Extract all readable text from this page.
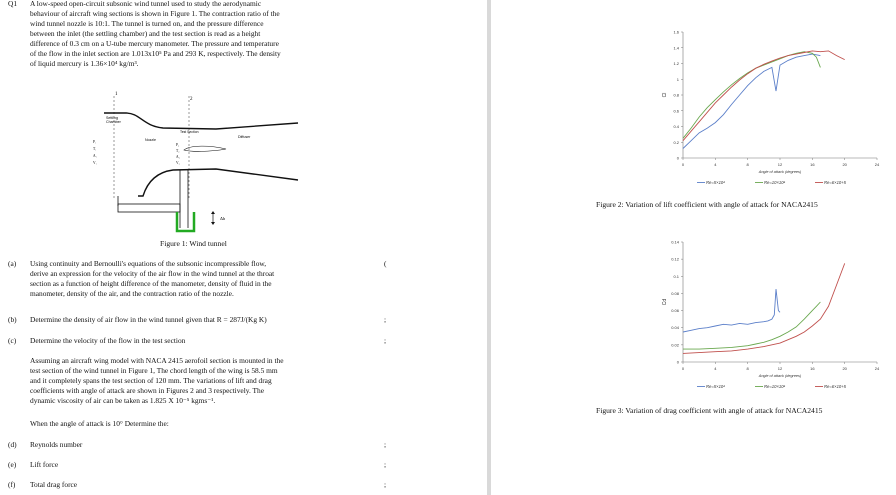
Q1 A low-speed open-circuit subsonic wind tunnel used to study the aerodynamic

behaviour of aircraft wing sections is shown in Figure 1. The contraction ratio of the

wind tunnel nozzle is 10:1. The tunnel is turned on, and the pressure difference

between the inlet (the settling chamber) and the test section is read as a height

difference of 0.3 cm on a U-tube mercury manometer. The pressure and temperature

of the flow in the inlet section are 1.013x10⁵ Pa and 293 K, respectively. The density

of liquid mercury is 1.36×10⁴ kg/m³.

1
2
Δh
Settling
Chamber
Nozzle
Test Section
Diffuser
P₁
T₁
A₁
V₁
P₂
T₂
A₂
V₂
Figure 1: Wind tunnel
(a) Using continuity and Bernoulli's equations of the subsonic incompressible flow,

derive an expression for the velocity of the air flow in the wind tunnel at the throat

section as a function of height difference of the manometer, density of fluid in the

manometer, density of the air, and the contraction ratio of the nozzle.

(
(b) Determine the density of air flow in the wind tunnel given that R = 287J/(Kg K)	;
(c) Determine the velocity of the flow in the test section	;

Assuming an aircraft wing model with NACA 2415 aerofoil section is mounted in the

test section of the wind tunnel in Figure 1, The chord length of the wing is 58.5 mm

and it completely spans the test section of 120 mm. The variations of lift and drag

coefficients with angle of attack are shown in Figures 2 and 3 respectively. The

dynamic viscosity of air can be taken as 1.825 X 10⁻⁵ kgms⁻¹.

When the angle of attack is 10° Determine the:

(d) Reynolds number	;
(e) Lift force	;
(f) Total drag force	;
0
0.2
0.4
0.6
0.8
1
1.2
1.4
1.6
0	4	8	12	16	20	24
Angle of attack (degrees)
Cl
Re=5×10⁴	Re=10×10⁴	Re=6×10+5
Figure 2: Variation of lift coefficient with angle of attack for NACA2415
0
0.02
0.04
0.06
0.08
0.1
0.12
0.14
0	4	8	12	16	20	24
Angle of attack (degrees)
Cd
Re=5×10⁴	Re=10×10⁴	Re=6×10+5
Figure 3: Variation of drag coefficient with angle of attack for NACA2415
